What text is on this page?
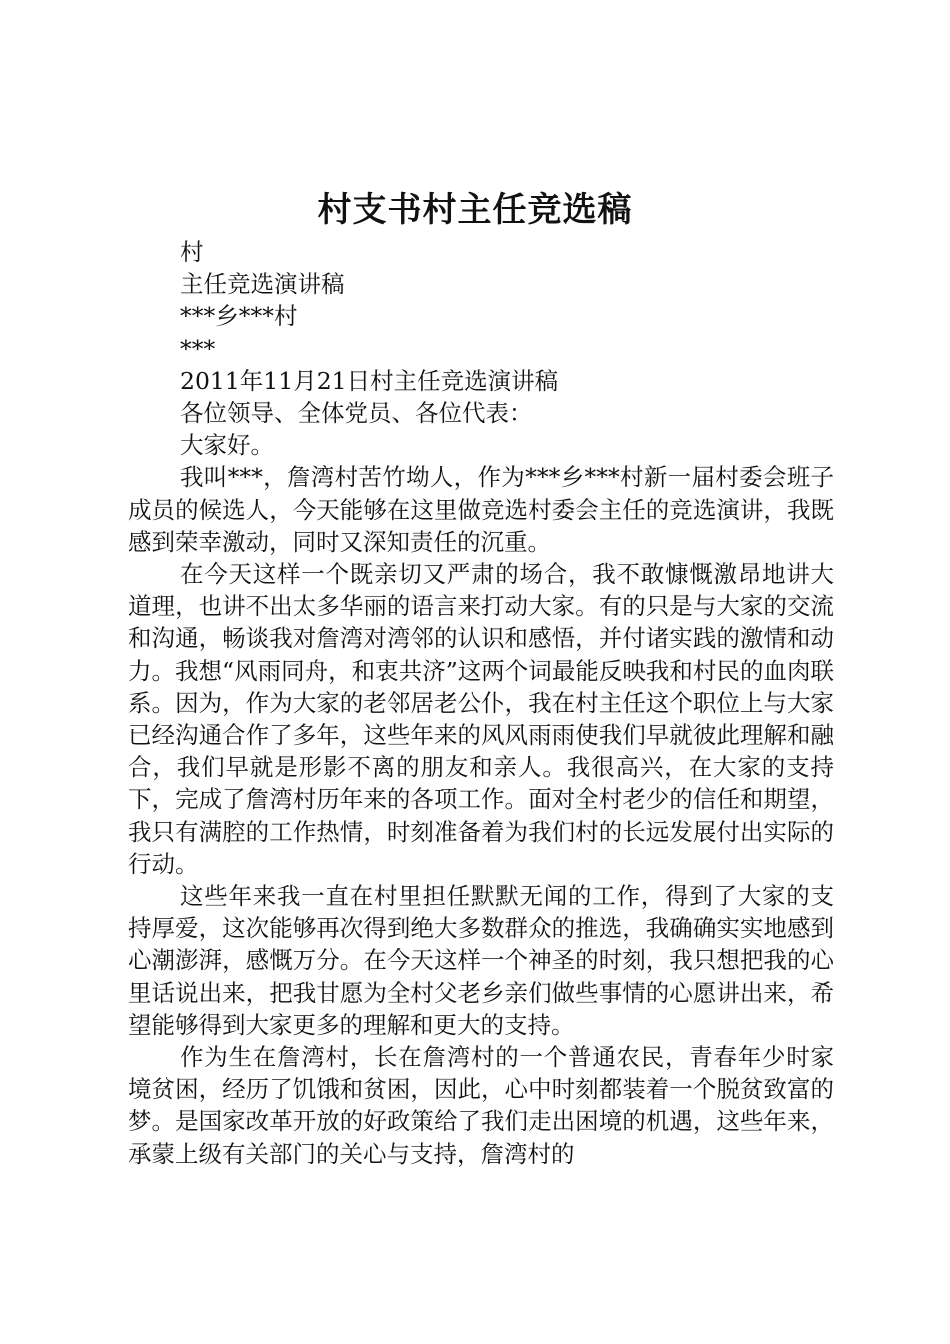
村支书村主任竞选稿

村

主任竞选演讲稿

***乡***村

***

2011年11月21日村主任竞选演讲稿

各位领导、全体党员、各位代表：

大家好。

我叫***，詹湾村苦竹坳人，作为***乡***村新一届村委会班子成员的候选人，今天能够在这里做竞选村委会主任的竞选演讲，我既感到荣幸激动，同时又深知责任的沉重。

在今天这样一个既亲切又严肃的场合，我不敢慷慨激昂地讲大道理，也讲不出太多华丽的语言来打动大家。有的只是与大家的交流和沟通，畅谈我对詹湾对湾邻的认识和感悟，并付诸实践的激情和动力。我想“风雨同舟，和衷共济”这两个词最能反映我和村民的血肉联系。因为，作为大家的老邻居老公仆，我在村主任这个职位上与大家已经沟通合作了多年，这些年来的风风雨雨使我们早就彼此理解和融合，我们早就是形影不离的朋友和亲人。我很高兴，在大家的支持下，完成了詹湾村历年来的各项工作。面对全村老少的信任和期望，我只有满腔的工作热情，时刻准备着为我们村的长远发展付出实际的行动。

这些年来我一直在村里担任默默无闻的工作，得到了大家的支持厚爱，这次能够再次得到绝大多数群众的推选，我确确实实地感到心潮澎湃，感慨万分。在今天这样一个神圣的时刻，我只想把我的心里话说出来，把我甘愿为全村父老乡亲们做些事情的心愿讲出来，希望能够得到大家更多的理解和更大的支持。

作为生在詹湾村，长在詹湾村的一个普通农民，青春年少时家境贫困，经历了饥饿和贫困，因此，心中时刻都装着一个脱贫致富的梦。是国家改革开放的好政策给了我们走出困境的机遇，这些年来，承蒙上级有关部门的关心与支持，詹湾村的
